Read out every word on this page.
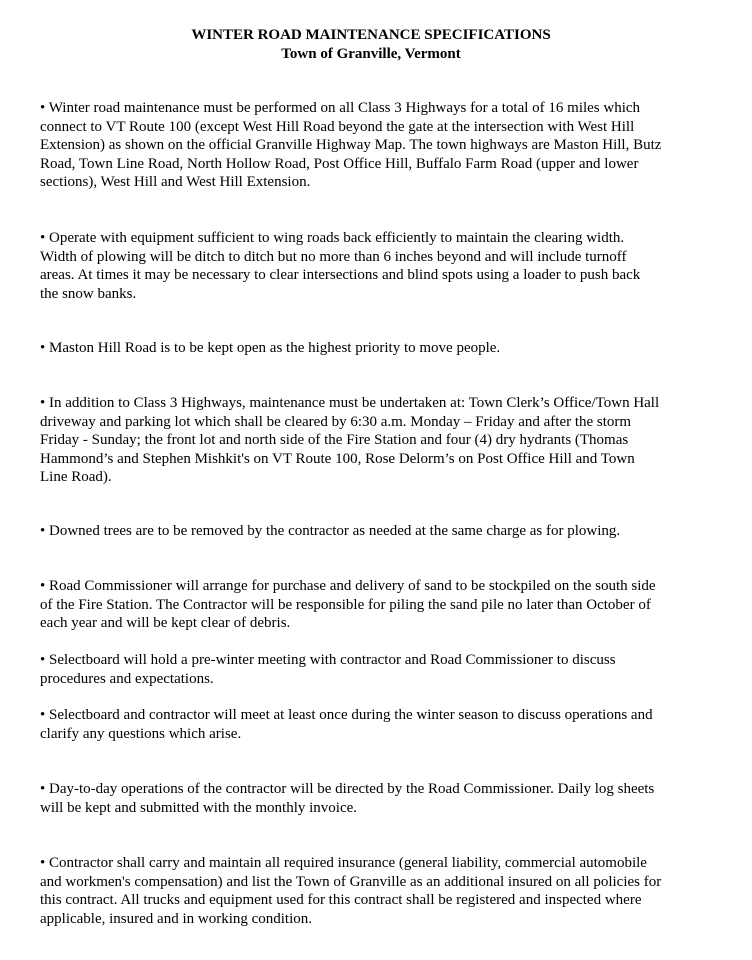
WINTER ROAD MAINTENANCE SPECIFICATIONS
Town of Granville, Vermont
• Winter road maintenance must be performed on all Class 3 Highways for a total of 16 miles which
connect to VT Route 100 (except West Hill Road beyond the gate at the intersection with West Hill
Extension) as shown on the official Granville Highway Map. The town highways are Maston Hill, Butz
Road, Town Line Road, North Hollow Road, Post Office Hill, Buffalo Farm Road (upper and lower
sections), West Hill and West Hill Extension.
• Operate with equipment sufficient to wing roads back efficiently to maintain the clearing width.
Width of plowing will be ditch to ditch but no more than 6 inches beyond and will include turnoff
areas. At times it may be necessary to clear intersections and blind spots using a loader to push back
the snow banks.
• Maston Hill Road is to be kept open as the highest priority to move people.
• In addition to Class 3 Highways, maintenance must be undertaken at: Town Clerk’s Office/Town Hall
driveway and parking lot which shall be cleared by 6:30 a.m. Monday – Friday and after the storm
Friday - Sunday; the front lot and north side of the Fire Station and four (4) dry hydrants (Thomas
Hammond’s and Stephen Mishkit's on VT Route 100, Rose Delorm’s on Post Office Hill and Town
Line Road).
• Downed trees are to be removed by the contractor as needed at the same charge as for plowing.
• Road Commissioner will arrange for purchase and delivery of sand to be stockpiled on the south side
of the Fire Station. The Contractor will be responsible for piling the sand pile no later than October of
each year and will be kept clear of debris.
• Selectboard will hold a pre-winter meeting with contractor and Road Commissioner to discuss
procedures and expectations.
• Selectboard and contractor will meet at least once during the winter season to discuss operations and
clarify any questions which arise.
• Day-to-day operations of the contractor will be directed by the Road Commissioner. Daily log sheets
will be kept and submitted with the monthly invoice.
• Contractor shall carry and maintain all required insurance (general liability, commercial automobile
and workmen's compensation) and list the Town of Granville as an additional insured on all policies for
this contract. All trucks and equipment used for this contract shall be registered and inspected where
applicable, insured and in working condition.
